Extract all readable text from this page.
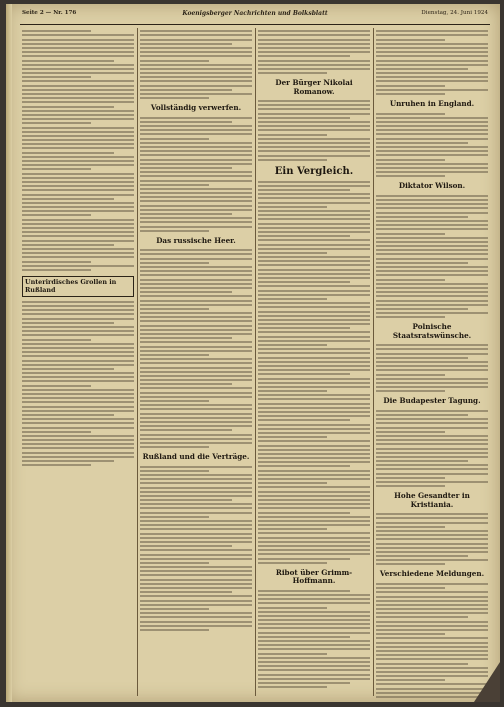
Seite 2 — Nr. 176	Koenigsberger Nachrichten und Bolksblatt	Dienstag, 24. Juni 1924
Unterirdisches Grollen in Rußland
Vollständig verwerfen.
Das russische Heer.
Rußland und die Verträge.
Der Bürger Nikolai Romanow.
Ein Vergleich.
Ribot über Grimm-Hoffmann.
Unruhen in England.
Diktator Wilson.
Polnische Staatsratswünsche.
Die Budapester Tagung.
Hohe Gesandter in Kristiania.
Verschiedene Meldungen.
